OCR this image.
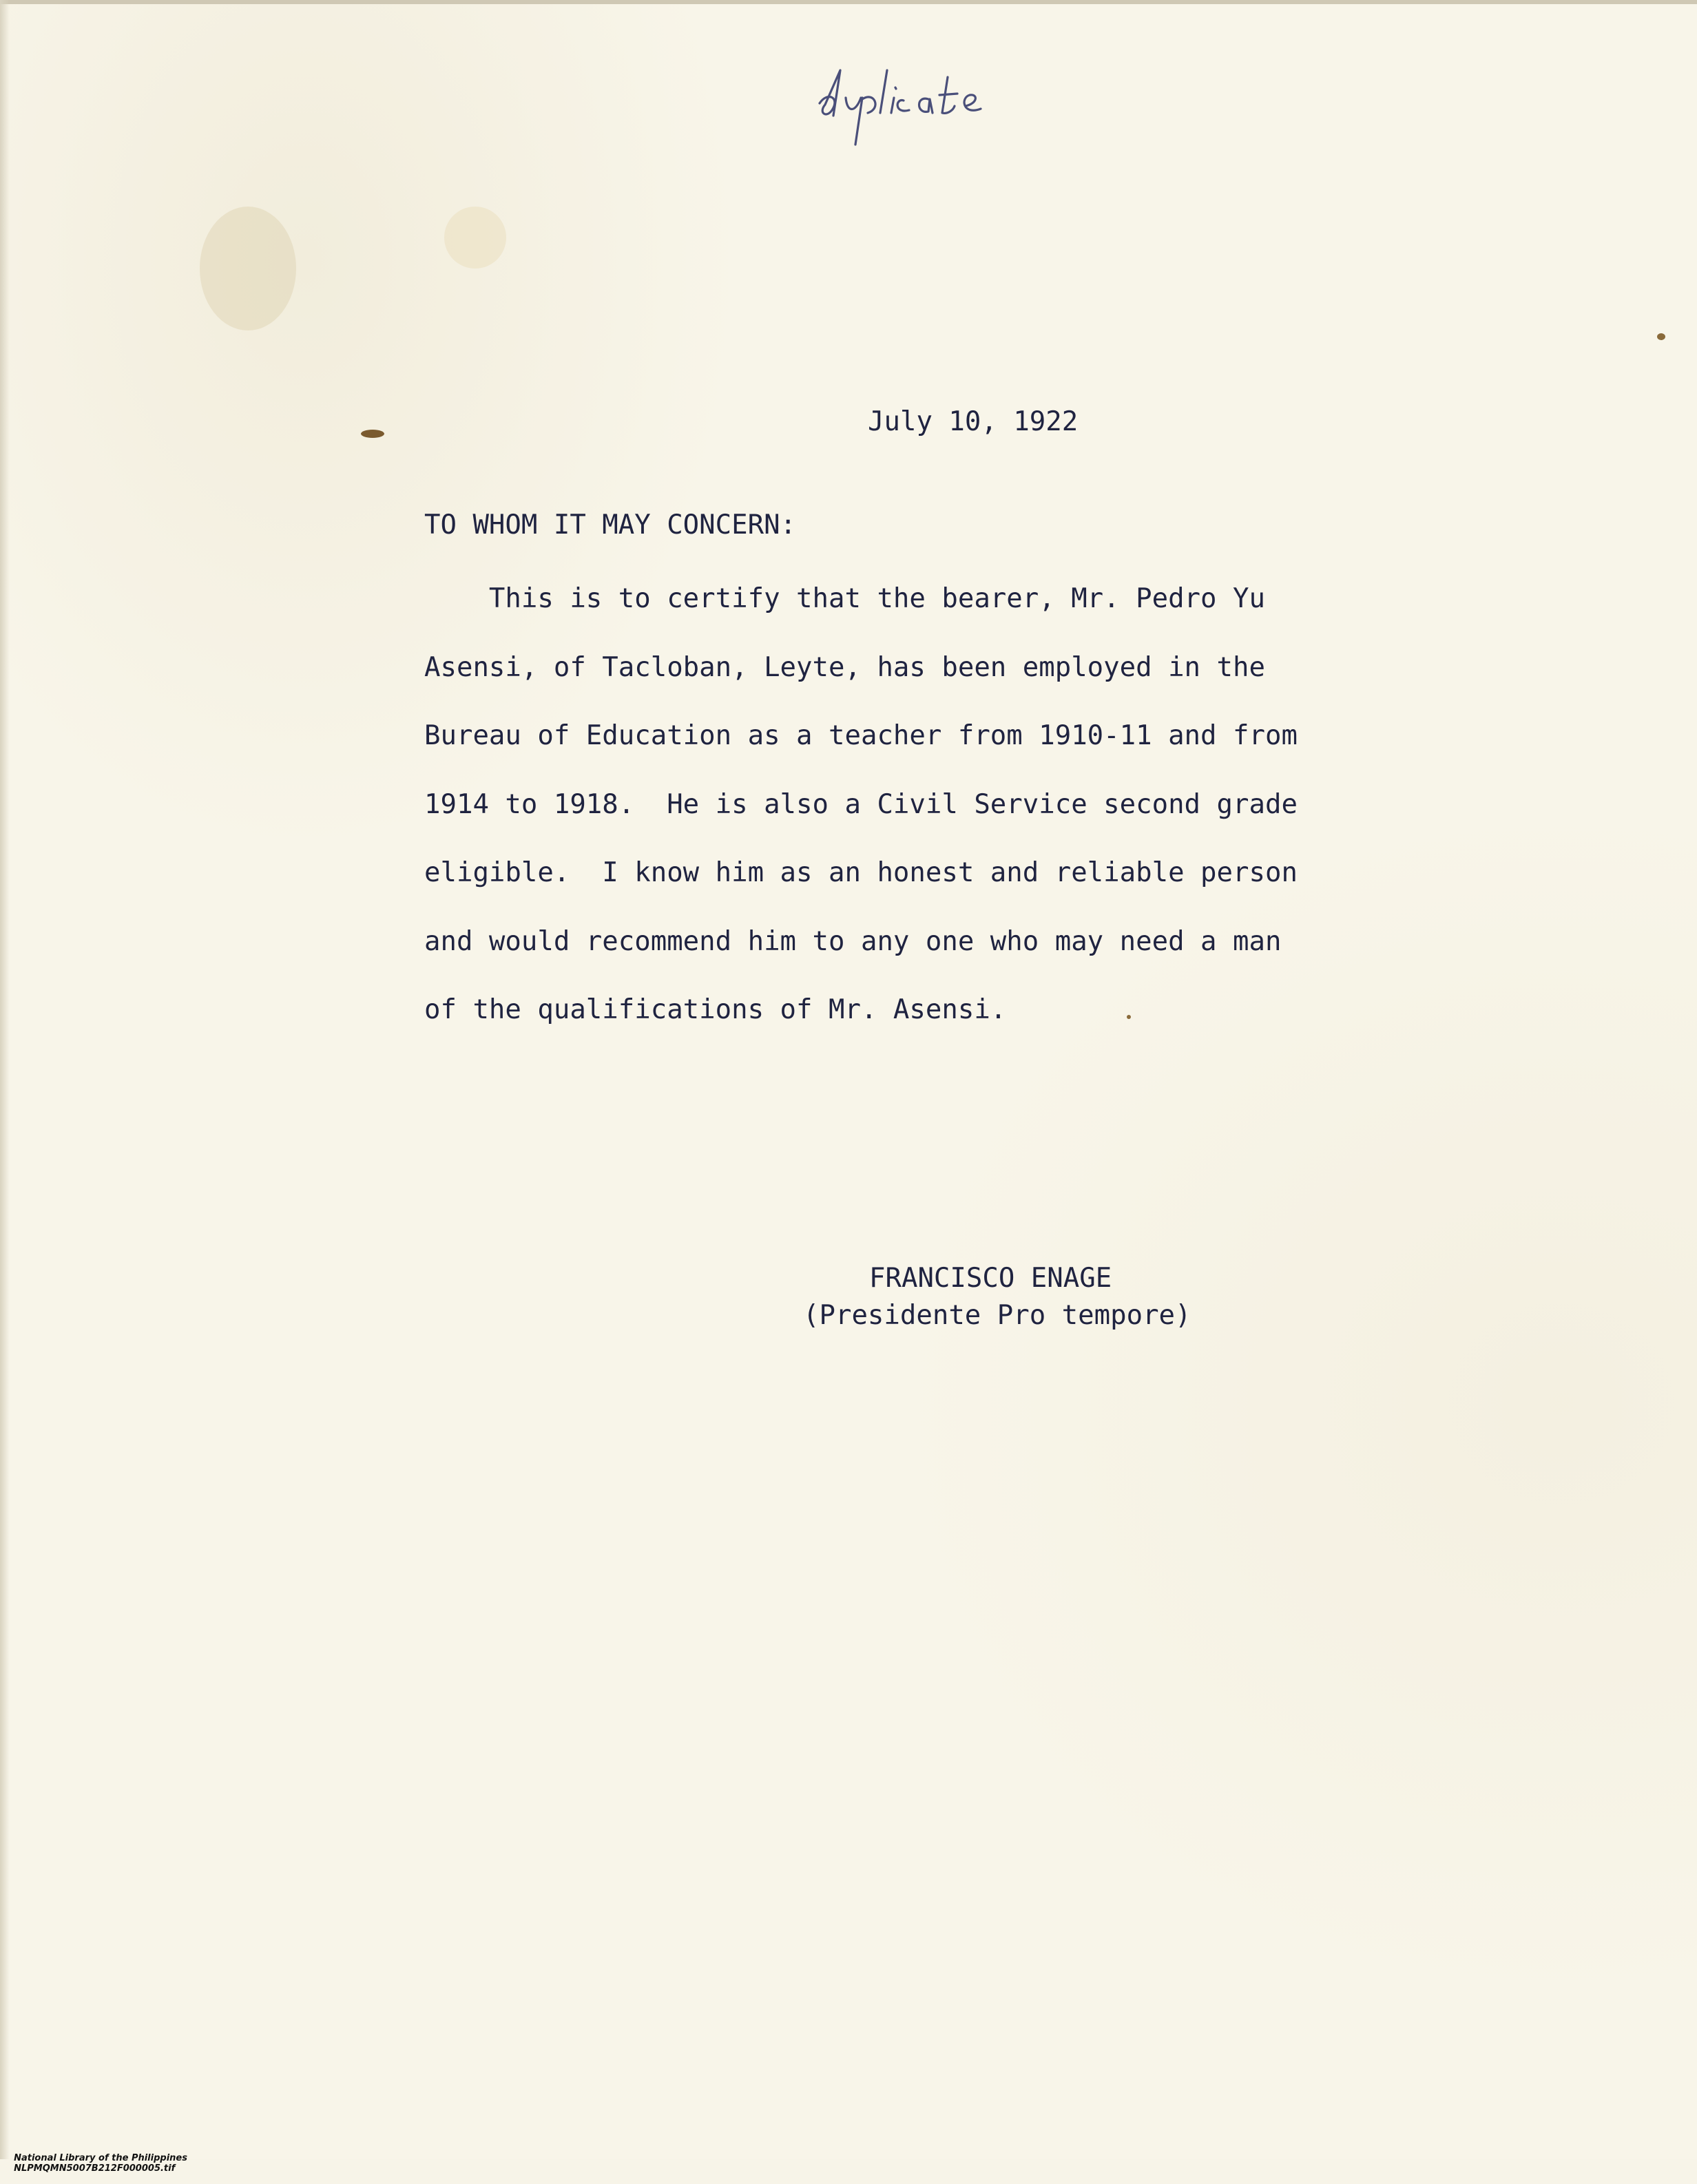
July 10, 1922

TO WHOM IT MAY CONCERN:

This is to certify that the bearer, Mr. Pedro Yu
Asensi, of Tacloban, Leyte, has been employed in the
Bureau of Education as a teacher from 1910-11 and from
1914 to 1918.  He is also a Civil Service second grade
eligible.  I know him as an honest and reliable person
and would recommend him to any one who may need a man
of the qualifications of Mr. Asensi.

FRANCISCO ENAGE

(Presidente Pro tempore)

National Library of the Philippines
NLPMQMN5007B212F000005.tif
